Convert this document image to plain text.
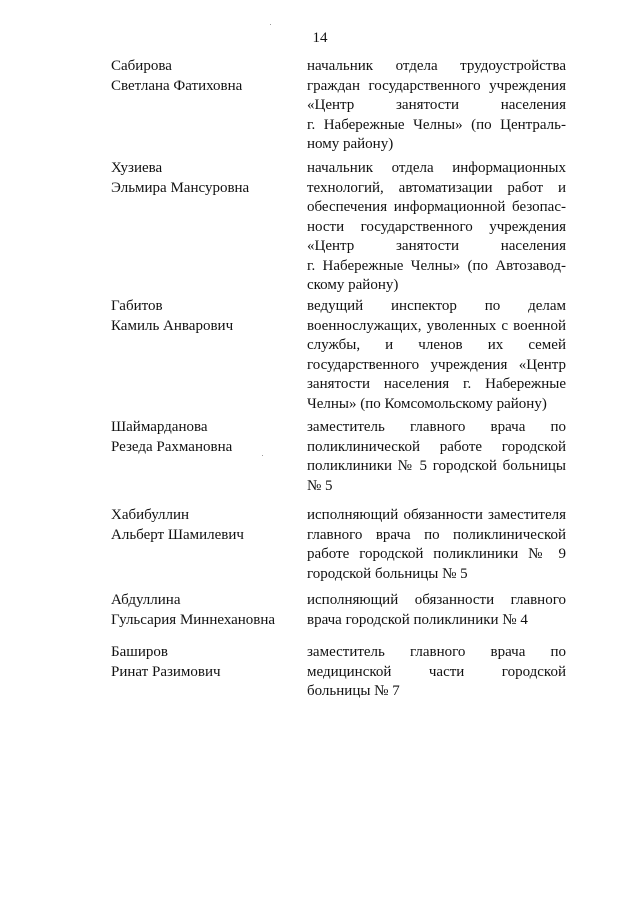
14
Сабирова
Светлана Фатиховна
начальник отдела трудоустройства
граждан государственного учреждения
«Центр занятости населения
г. Набережные Челны» (по Централь-
ному району)
Хузиева
Эльмира Мансуровна
начальник отдела информационных
технологий, автоматизации работ и
обеспечения информационной безопас-
ности государственного учреждения
«Центр занятости населения
г. Набережные Челны» (по Автозавод-
скому району)
Габитов
Камиль Анварович
ведущий инспектор по делам
военнослужащих, уволенных с военной
службы, и членов их семей
государственного учреждения «Центр
занятости населения г. Набережные
Челны» (по Комсомольскому району)
Шаймарданова
Резеда Рахмановна
заместитель главного врача по
поликлинической работе городской
поликлиники № 5 городской больницы
№ 5
Хабибуллин
Альберт Шамилевич
исполняющий обязанности заместителя
главного врача по поликлинической
работе городской поликлиники № 9
городской больницы № 5
Абдуллина
Гульсария Миннехановна
исполняющий обязанности главного
врача городской поликлиники № 4
Баширов
Ринат Разимович
заместитель главного врача по
медицинской части городской
больницы № 7
